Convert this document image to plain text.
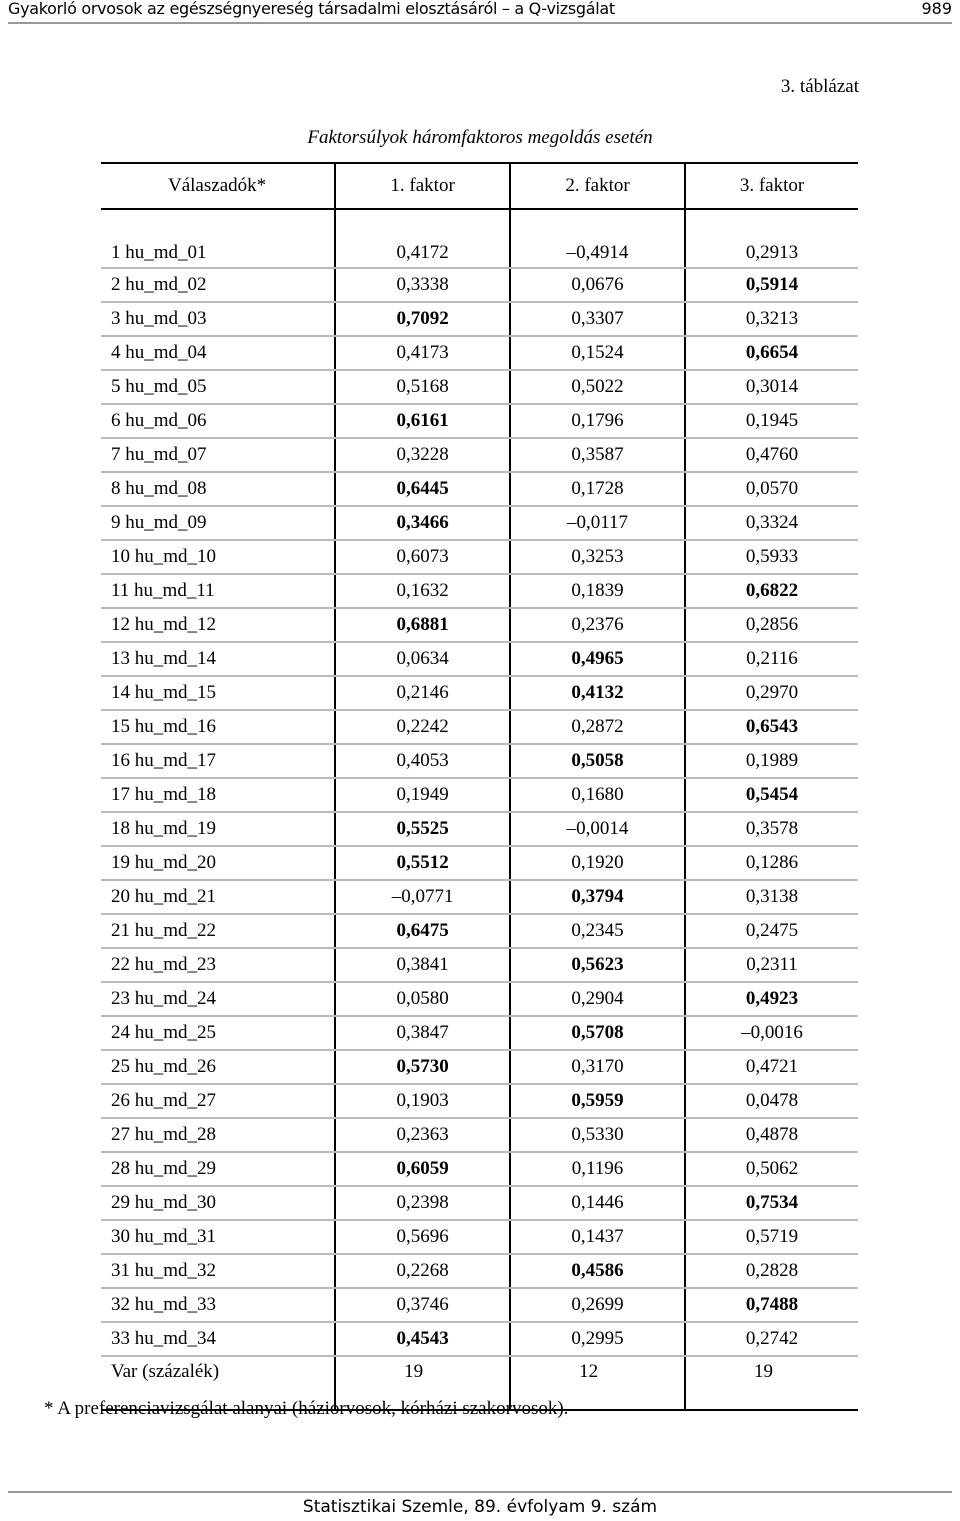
Gyakorló orvosok az egészségnyereség társadalmi elosztásáról – a Q-vizsgálat	989
3. táblázat
Faktorsúlyok háromfaktoros megoldás esetén
Válaszadók*	1. faktor	2. faktor	3. faktor
1 hu_md_01	0,4172	–0,4914	0,2913
2 hu_md_02	0,3338	0,0676	0,5914
3 hu_md_03	0,7092	0,3307	0,3213
4 hu_md_04	0,4173	0,1524	0,6654
5 hu_md_05	0,5168	0,5022	0,3014
6 hu_md_06	0,6161	0,1796	0,1945
7 hu_md_07	0,3228	0,3587	0,4760
8 hu_md_08	0,6445	0,1728	0,0570
9 hu_md_09	0,3466	–0,0117	0,3324
10 hu_md_10	0,6073	0,3253	0,5933
11 hu_md_11	0,1632	0,1839	0,6822
12 hu_md_12	0,6881	0,2376	0,2856
13 hu_md_14	0,0634	0,4965	0,2116
14 hu_md_15	0,2146	0,4132	0,2970
15 hu_md_16	0,2242	0,2872	0,6543
16 hu_md_17	0,4053	0,5058	0,1989
17 hu_md_18	0,1949	0,1680	0,5454
18 hu_md_19	0,5525	–0,0014	0,3578
19 hu_md_20	0,5512	0,1920	0,1286
20 hu_md_21	–0,0771	0,3794	0,3138
21 hu_md_22	0,6475	0,2345	0,2475
22 hu_md_23	0,3841	0,5623	0,2311
23 hu_md_24	0,0580	0,2904	0,4923
24 hu_md_25	0,3847	0,5708	–0,0016
25 hu_md_26	0,5730	0,3170	0,4721
26 hu_md_27	0,1903	0,5959	0,0478
27 hu_md_28	0,2363	0,5330	0,4878
28 hu_md_29	0,6059	0,1196	0,5062
29 hu_md_30	0,2398	0,1446	0,7534
30 hu_md_31	0,5696	0,1437	0,5719
31 hu_md_32	0,2268	0,4586	0,2828
32 hu_md_33	0,3746	0,2699	0,7488
33 hu_md_34	0,4543	0,2995	0,2742
Var (százalék)	19	12	19
* A preferenciavizsgálat alanyai (háziorvosok, kórházi szakorvosok).
Statisztikai Szemle, 89. évfolyam 9. szám
